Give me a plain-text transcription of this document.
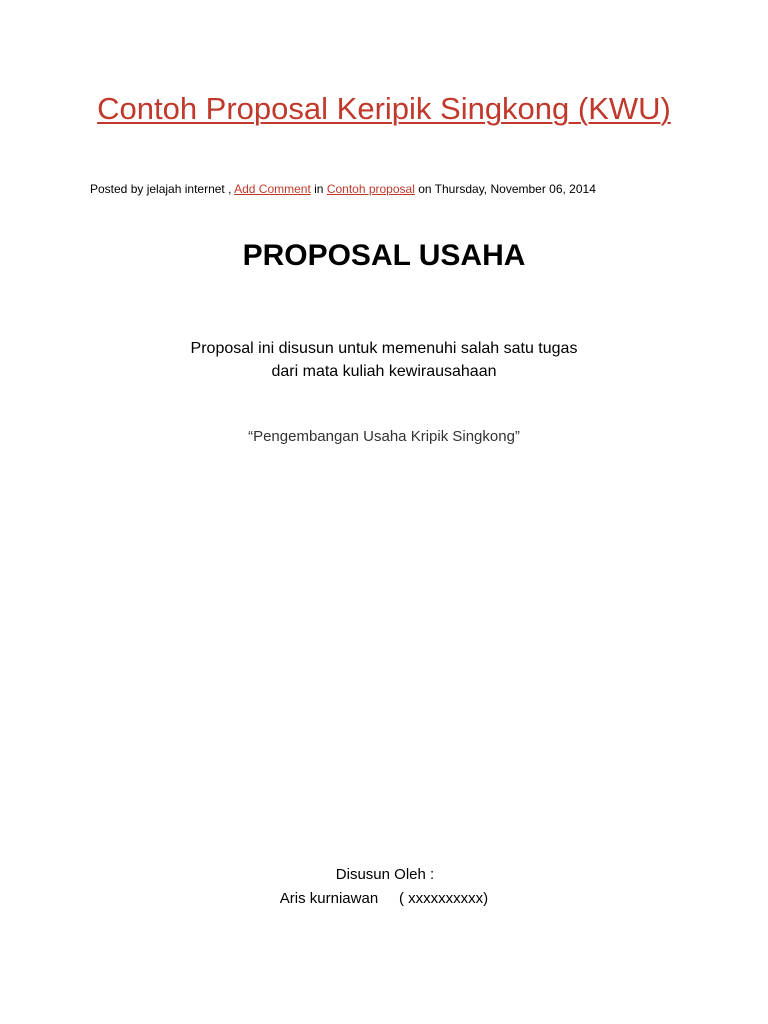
Contoh Proposal Keripik Singkong (KWU)
Posted by jelajah internet , Add Comment in Contoh proposal on Thursday, November 06, 2014
PROPOSAL USAHA
Proposal ini disusun untuk memenuhi salah satu tugas
dari mata kuliah kewirausahaan
“Pengembangan Usaha Kripik Singkong”
Disusun Oleh :
Aris kurniawan ( xxxxxxxxxx)
